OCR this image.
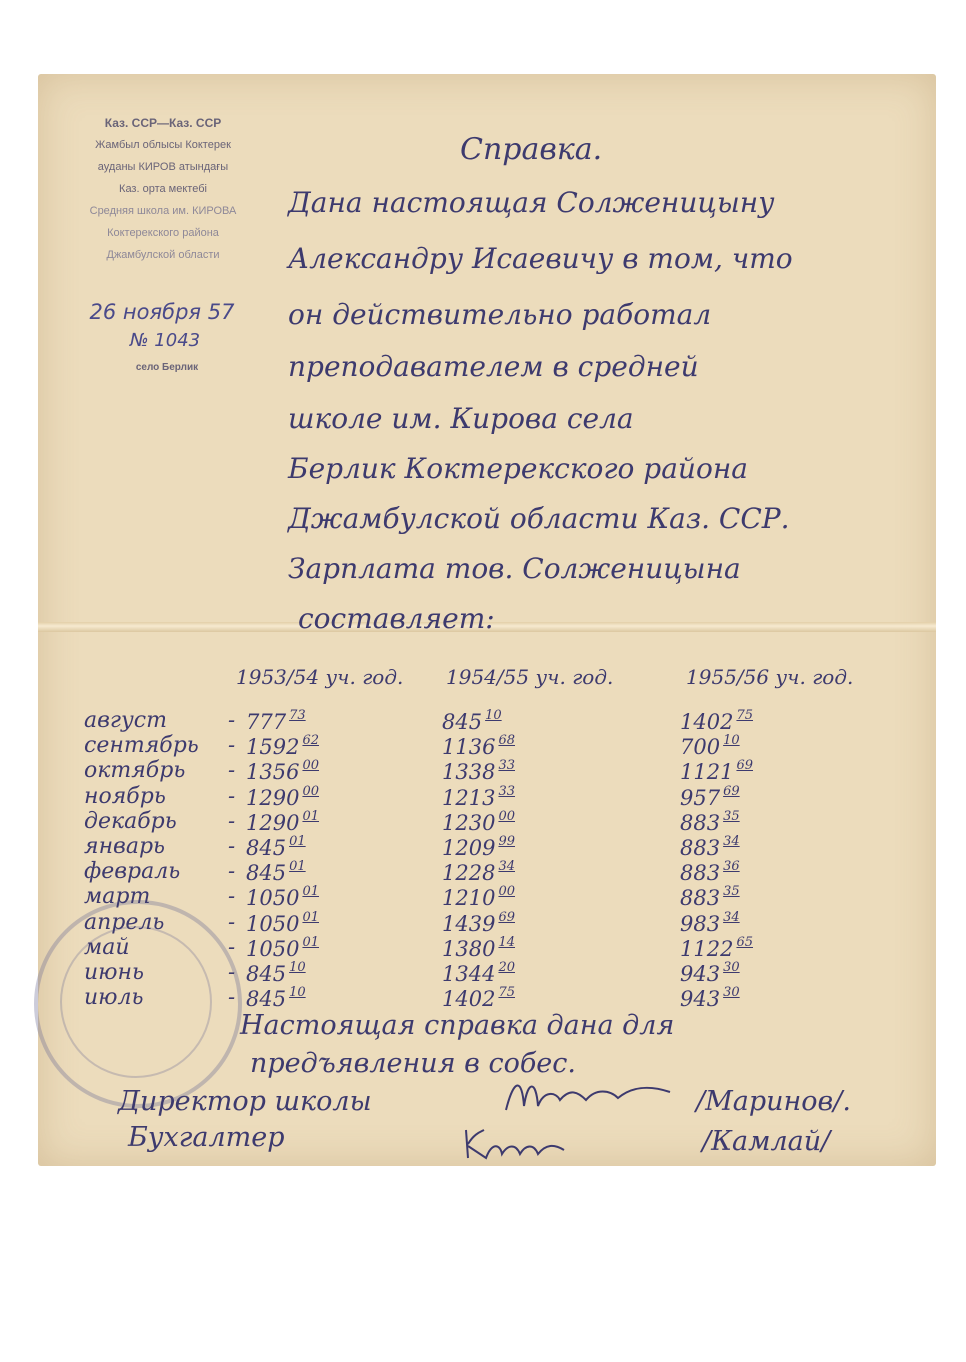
Каз. ССР—Каз. ССР
Жамбыл облысы Коктерек
ауданы КИРОВ атындағы
Каз. орта мектебі
Средняя школа им. КИРОВА
Коктерекского района
Джамбулской области
26 ноября 57
№ 1043
село Берлик
Справка.
Дана настоящая Солженицыну
Александру Исаевичу в том, что
он действительно работал
преподавателем в средней
школе им. Кирова села
Берлик Коктерекского района
Джамбулской области Каз. ССР.
Зарплата тов. Солженицына
составляет:
1953/54 уч. год. 1954/55 уч. год.	1955/56 уч. год.
август	- 777 $^{73}$	845 $^{10}$	1402 $^{75}$
сентябрь - 1592 $^{62}$	1136 $^{68}$	700 $^{10}$
октябрь - 1356 $^{00}$	1338 $^{33}$	1121 $^{69}$
ноябрь	- 1290 $^{00}$	1213 $^{33}$	957 $^{69}$
декабрь - 1290 $^{01}$	1230 $^{00}$	883 $^{35}$
январь	- 845 $^{01}$	1209 $^{99}$	883 $^{34}$
февраль - 845 $^{01}$	1228 $^{34}$	883 $^{36}$
март	- 1050 $^{01}$	1210 $^{00}$	883 $^{35}$
апрель	- 1050 $^{01}$	1439 $^{69}$	983 $^{34}$
май	- 1050 $^{01}$	1380 $^{14}$	1122 $^{65}$
июнь	- 845 $^{10}$	1344 $^{20}$	943 $^{30}$
июль	- 845 $^{10}$	1402 $^{75}$	943 $^{30}$
Настоящая справка дана для
предъявления в собес.
Директор школы	/Маринов/.
Бухгалтер	/Камлай/
